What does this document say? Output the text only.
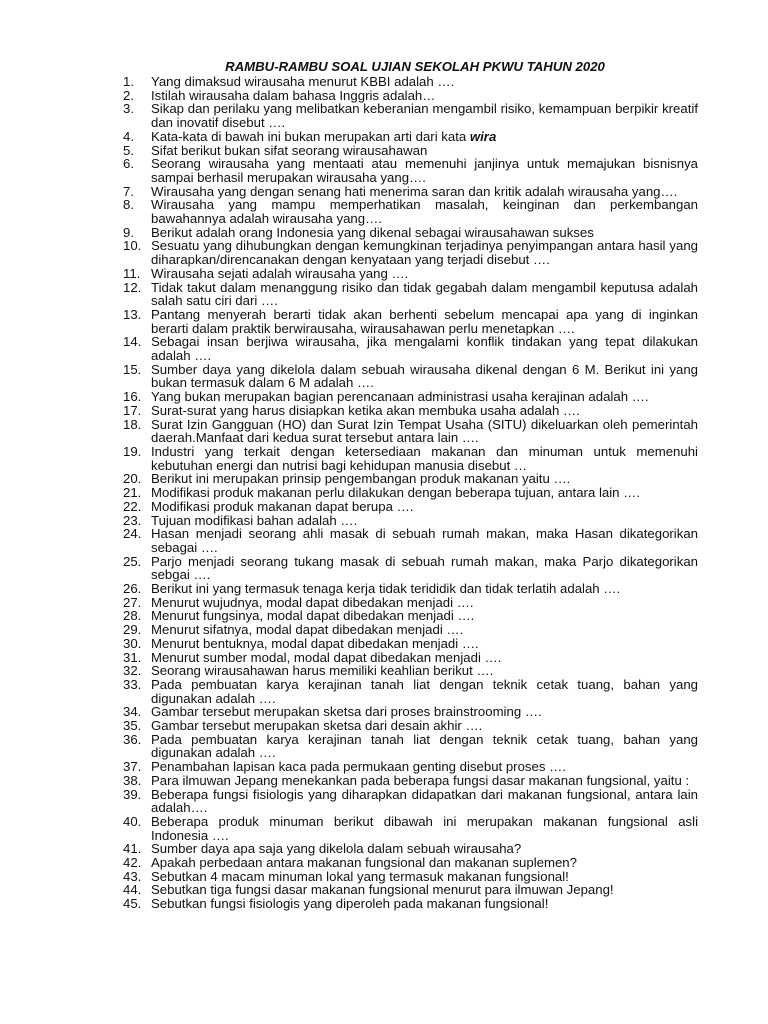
RAMBU-RAMBU SOAL UJIAN SEKOLAH PKWU TAHUN 2020
1.	Yang dimaksud wirausaha menurut KBBI adalah ….
2.	Istilah wirausaha dalam bahasa Inggris adalah…
3.	Sikap dan perilaku yang melibatkan keberanian mengambil risiko, kemampuan berpikir kreatif dan inovatif disebut ….
4.	Kata-kata di bawah ini bukan merupakan arti dari kata wira
5.	Sifat berikut bukan sifat seorang wirausahawan
6.	Seorang wirausaha yang mentaati atau memenuhi janjinya untuk memajukan bisnisnya sampai berhasil merupakan wirausaha yang….
7.	Wirausaha yang dengan senang hati menerima saran dan kritik adalah wirausaha yang….
8.	Wirausaha yang mampu memperhatikan masalah, keinginan dan perkembangan bawahannya adalah wirausaha yang….
9.	Berikut adalah orang Indonesia yang dikenal sebagai wirausahawan sukses
10. Sesuatu yang dihubungkan dengan kemungkinan terjadinya penyimpangan antara hasil yang diharapkan/direncanakan dengan kenyataan yang terjadi disebut ….
11. Wirausaha sejati adalah wirausaha yang ….
12. Tidak takut dalam menanggung risiko dan tidak gegabah dalam mengambil keputusa adalah salah satu ciri dari ….
13. Pantang menyerah berarti tidak akan berhenti sebelum mencapai apa yang di inginkan berarti dalam praktik berwirausaha, wirausahawan perlu menetapkan ….
14. Sebagai insan berjiwa wirausaha, jika mengalami konflik tindakan yang tepat dilakukan adalah ….
15. Sumber daya yang dikelola dalam sebuah wirausaha dikenal dengan 6 M. Berikut ini yang bukan termasuk dalam 6 M adalah ….
16. Yang bukan merupakan bagian perencanaan administrasi usaha kerajinan adalah ….
17. Surat-surat yang harus disiapkan ketika akan membuka usaha adalah ….
18. Surat Izin Gangguan (HO) dan Surat Izin Tempat Usaha (SITU) dikeluarkan oleh pemerintah daerah.Manfaat dari kedua surat tersebut antara lain ….
19. Industri yang terkait dengan ketersediaan makanan dan minuman untuk memenuhi kebutuhan energi dan nutrisi bagi kehidupan manusia disebut …
20. Berikut ini merupakan prinsip pengembangan produk makanan yaitu ….
21. Modifikasi produk makanan perlu dilakukan dengan beberapa tujuan, antara lain ….
22. Modifikasi produk makanan dapat berupa ….
23. Tujuan modifikasi bahan adalah ….
24. Hasan menjadi seorang ahli masak di sebuah rumah makan, maka Hasan dikategorikan sebagai ….
25. Parjo menjadi seorang tukang masak di sebuah rumah makan, maka Parjo dikategorikan sebgai ….
26. Berikut ini yang termasuk tenaga kerja tidak terididik dan tidak terlatih adalah ….
27. Menurut wujudnya, modal dapat dibedakan menjadi ….
28. Menurut fungsinya, modal dapat dibedakan menjadi ….
29. Menurut sifatnya, modal dapat dibedakan menjadi ….
30. Menurut bentuknya, modal dapat dibedakan menjadi ….
31. Menurut sumber modal, modal dapat dibedakan menjadi ….
32. Seorang wirausahawan harus memiliki keahlian berikut ….
33. Pada pembuatan karya kerajinan tanah liat dengan teknik cetak tuang, bahan yang digunakan adalah ….
34. Gambar tersebut merupakan sketsa dari proses brainstrooming ….
35. Gambar tersebut merupakan sketsa dari desain akhir ….
36. Pada pembuatan karya kerajinan tanah liat dengan teknik cetak tuang, bahan yang digunakan adalah ….
37. Penambahan lapisan kaca pada permukaan genting disebut proses ….
38. Para ilmuwan Jepang menekankan pada beberapa fungsi dasar makanan fungsional, yaitu :
39. Beberapa fungsi fisiologis yang diharapkan didapatkan dari makanan fungsional, antara lain adalah….
40. Beberapa produk minuman berikut dibawah ini merupakan makanan fungsional asli Indonesia ….
41. Sumber daya apa saja yang dikelola dalam sebuah wirausaha?
42. Apakah perbedaan antara makanan fungsional dan makanan suplemen?
43. Sebutkan 4 macam minuman lokal yang termasuk makanan fungsional!
44. Sebutkan tiga fungsi dasar makanan fungsional menurut para ilmuwan Jepang!
45. Sebutkan fungsi fisiologis yang diperoleh pada makanan fungsional!
